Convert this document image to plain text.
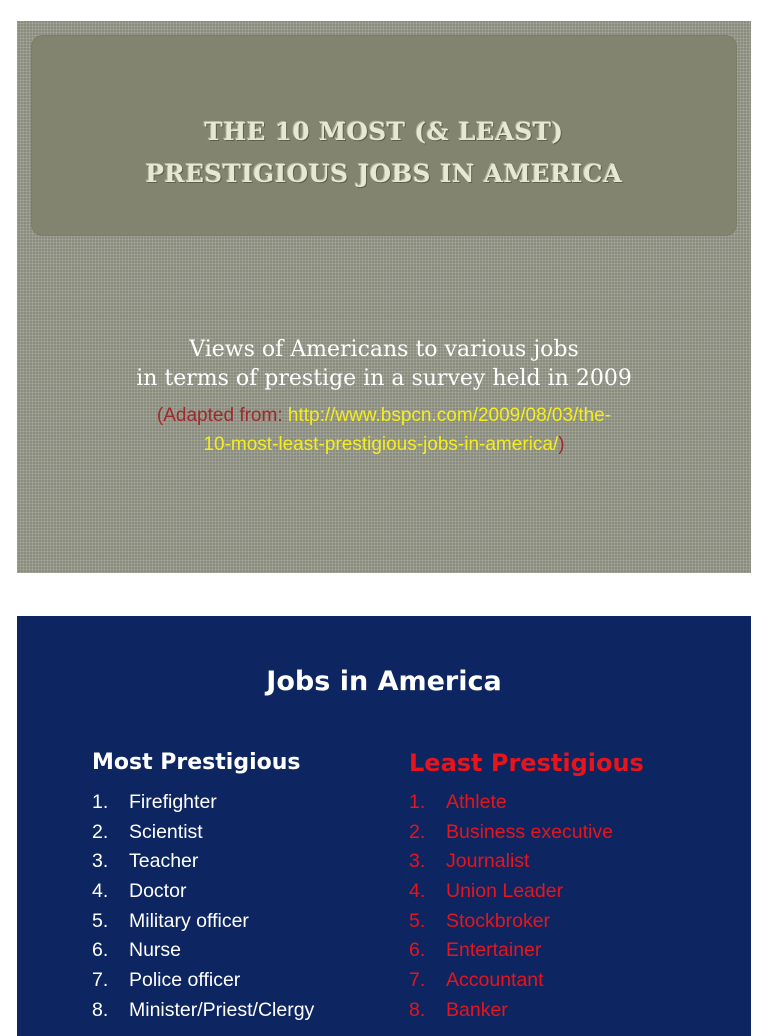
THE 10 MOST (& LEAST)
PRESTIGIOUS JOBS IN AMERICA

Views of Americans to various jobs
in terms of prestige in a survey held in 2009

(Adapted from: http://www.bspcn.com/2009/08/03/the-
10-most-least-prestigious-jobs-in-america/)

Jobs in America
Most Prestigious
1. Firefighter
2. Scientist
3. Teacher
4. Doctor
5. Military officer
6. Nurse
7. Police officer
8. Minister/Priest/Clergy
Least Prestigious
1. Athlete
2. Business executive
3. Journalist
4. Union Leader
5. Stockbroker
6. Entertainer
7. Accountant
8. Banker
